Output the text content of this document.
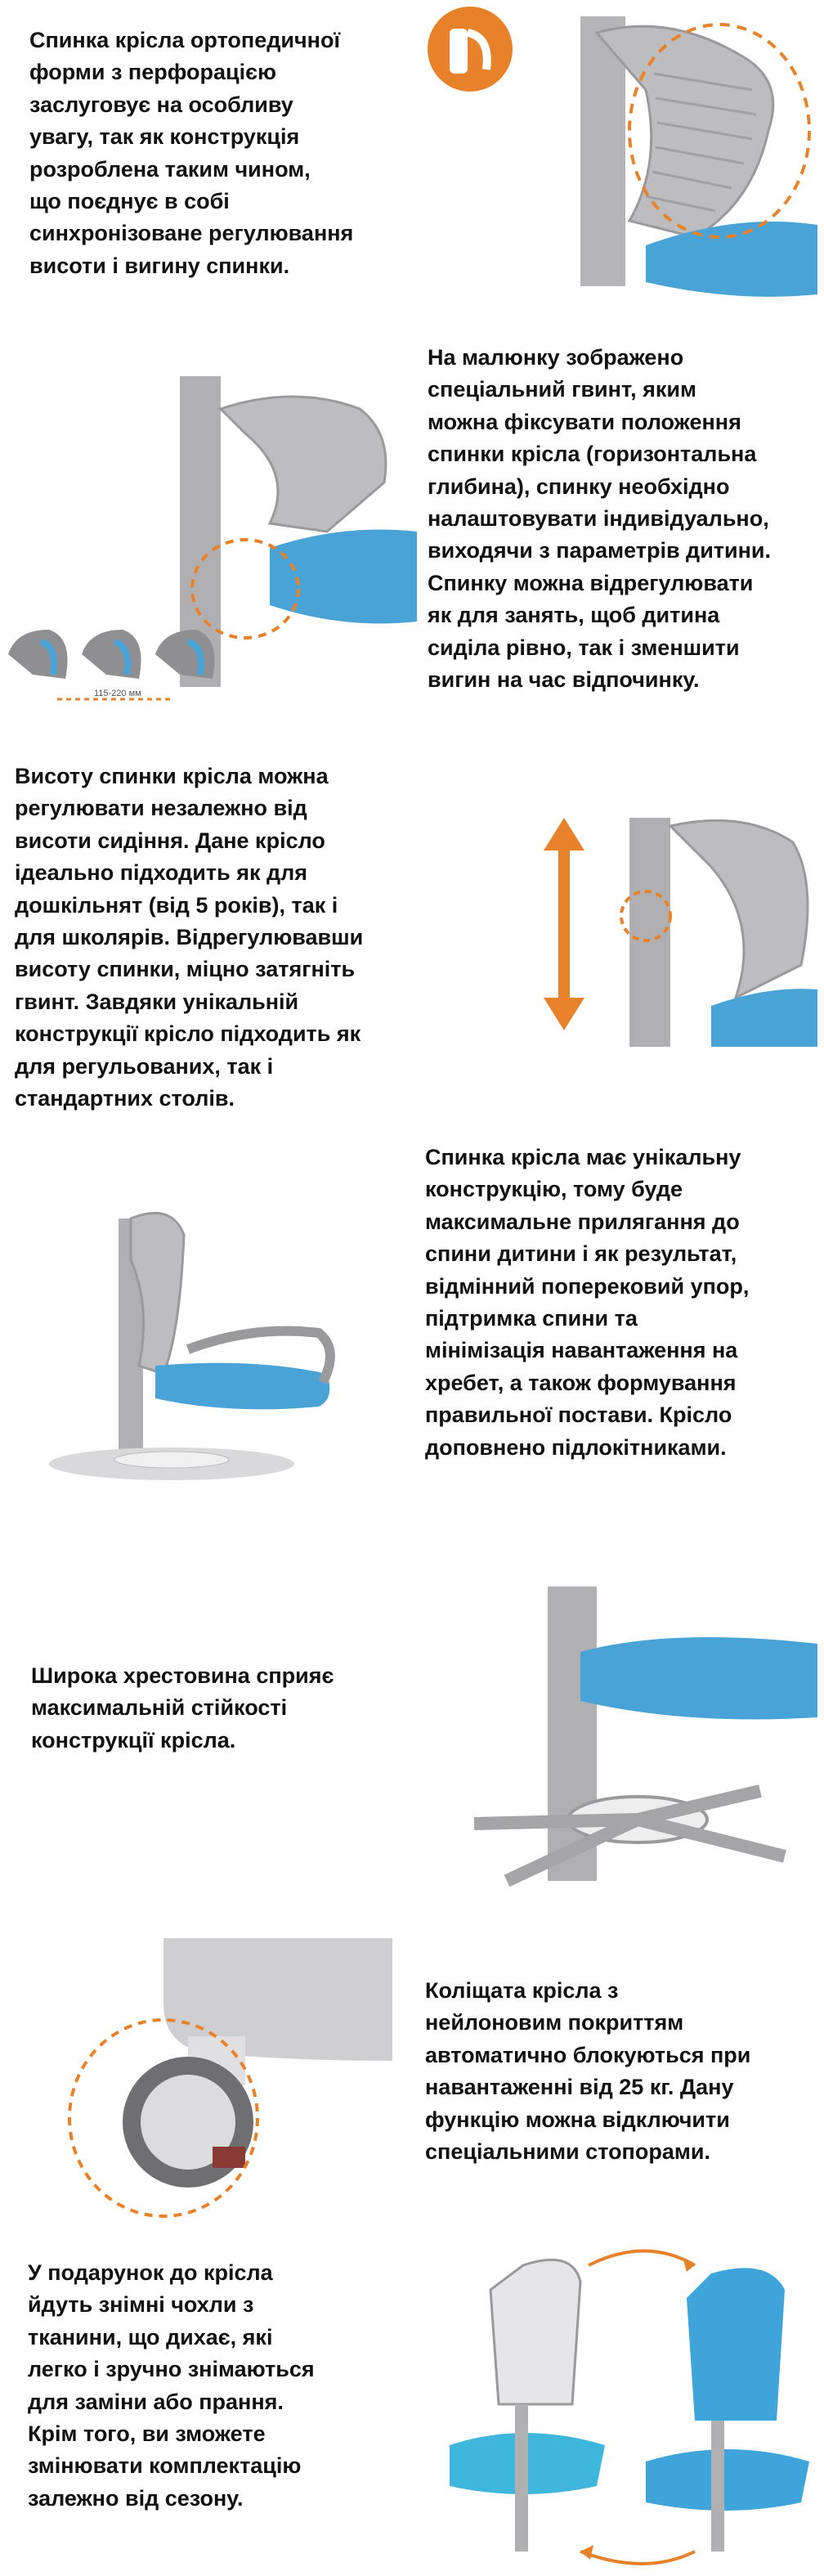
Спинка крісла ортопедичної
форми з перфорацією
заслуговує на особливу
увагу, так як конструкція
розроблена таким чином,
що поєднує в собі
синхронізоване регулювання
висоти і вигину спинки.
115-220 мм
На малюнку зображено
спеціальний гвинт, яким
можна фіксувати положення
спинки крісла (горизонтальна
глибина), спинку необхідно
налаштовувати індивідуально,
виходячи з параметрів дитини.
Спинку можна відрегулювати
як для занять, щоб дитина
сиділа рівно, так і зменшити
вигин на час відпочинку.
Висоту спинки крісла можна
регулювати незалежно від
висоти сидіння. Дане крісло
ідеально підходить як для
дошкільнят (від 5 років), так і
для школярів. Відрегулювавши
висоту спинки, міцно затягніть
гвинт. Завдяки унікальній
конструкції крісло підходить як
для регульованих, так і
стандартних столів.
Спинка крісла має унікальну
конструкцію, тому буде
максимальне прилягання до
спини дитини і як результат,
відмінний поперековий упор,
підтримка спини та
мінімізація навантаження на
хребет, а також формування
правильної постави. Крісло
доповнено підлокітниками.
Широка хрестовина сприяє
максимальній стійкості
конструкції крісла.
Коліщата крісла з
нейлоновим покриттям
автоматично блокуються при
навантаженні від 25 кг. Дану
функцію можна відключити
спеціальними стопорами.
У подарунок до крісла
йдуть знімні чохли з
тканини, що дихає, які
легко і зручно знімаються
для заміни або прання.
Крім того, ви зможете
змінювати комплектацію
залежно від сезону.
